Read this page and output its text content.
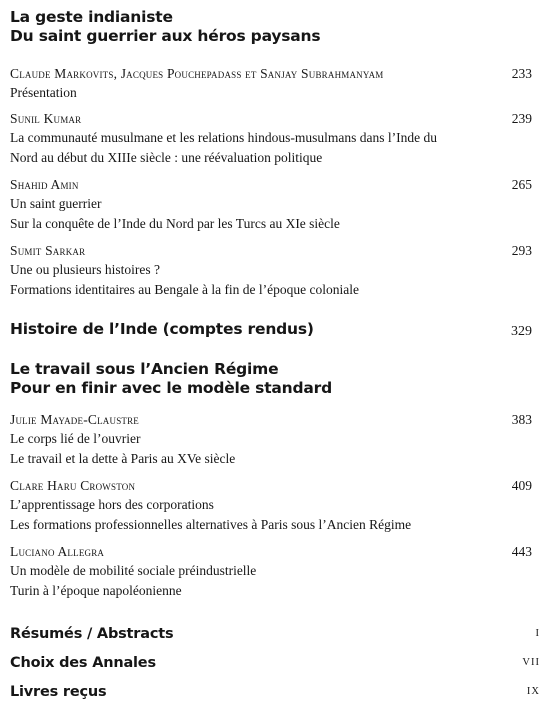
La geste indianiste
Du saint guerrier aux héros paysans
Claude Markovits, Jacques Pouchepadass et Sanjay Subrahmanyam	233
Présentation
Sunil Kumar	239
La communauté musulmane et les relations hindous-musulmans dans l’Inde du
Nord au début du XIIIe siècle : une réévaluation politique
Shahid Amin	265
Un saint guerrier
Sur la conquête de l’Inde du Nord par les Turcs au XIe siècle
Sumit Sarkar	293
Une ou plusieurs histoires ?
Formations identitaires au Bengale à la fin de l’époque coloniale
Histoire de l’Inde (comptes rendus)	329
Le travail sous l’Ancien Régime
Pour en finir avec le modèle standard
Julie Mayade-Claustre	383
Le corps lié de l’ouvrier
Le travail et la dette à Paris au XVe siècle
Clare Haru Crowston	409
L’apprentissage hors des corporations
Les formations professionnelles alternatives à Paris sous l’Ancien Régime
Luciano Allegra	443
Un modèle de mobilité sociale préindustrielle
Turin à l’époque napoléonienne
Résumés / Abstracts	I
Choix des Annales	VII
Livres reçus	IX
